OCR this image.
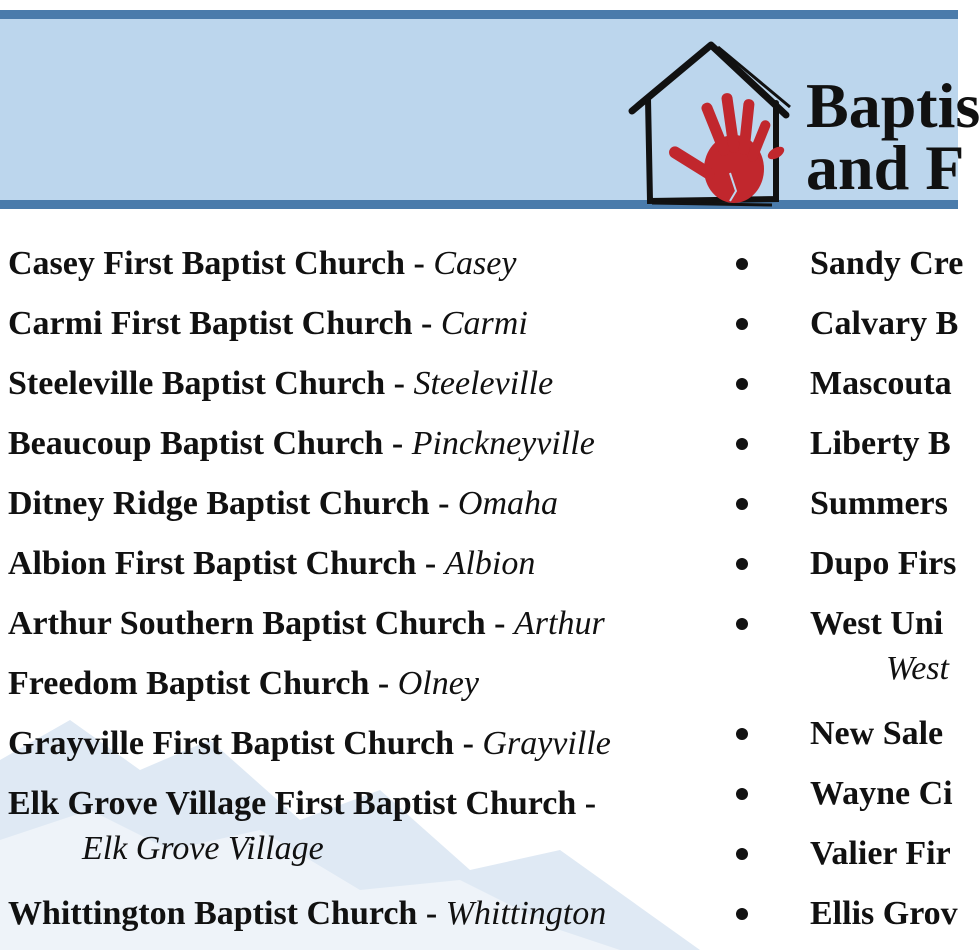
Baptis
and F
Casey First Baptist Church - Casey
Carmi First Baptist Church - Carmi
Steeleville Baptist Church - Steeleville
Beaucoup Baptist Church - Pinckneyville
Ditney Ridge Baptist Church - Omaha
Albion First Baptist Church - Albion
Arthur Southern Baptist Church - Arthur
Freedom Baptist Church - Olney
Grayville First Baptist Church - Grayville
Elk Grove Village First Baptist Church -
Elk Grove Village
Whittington Baptist Church - Whittington
Sandy Cre
Calvary B
Mascouta
Liberty B
Summers
Dupo Firs
West Uni
West
New Sale
Wayne Ci
Valier Fir
Ellis Grov
